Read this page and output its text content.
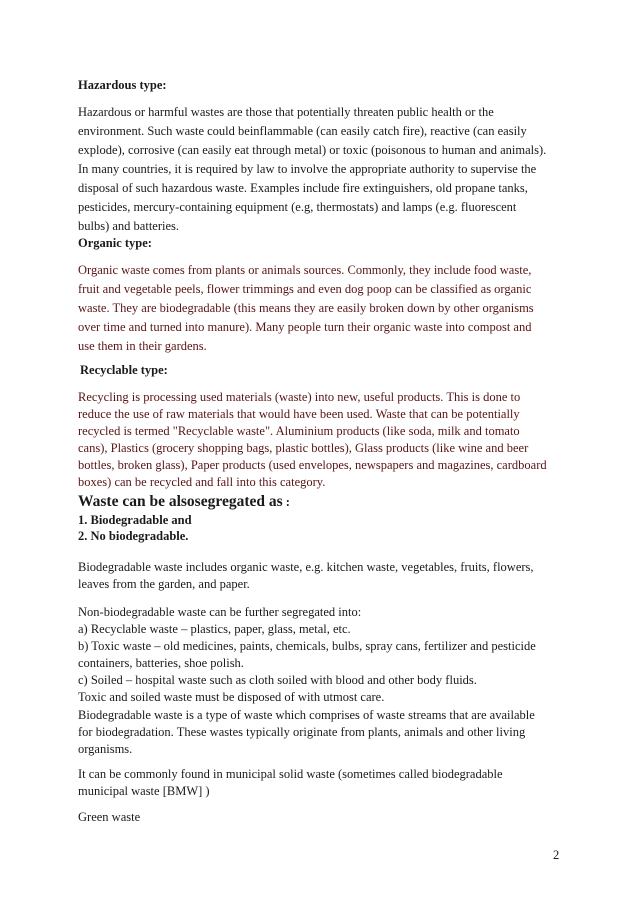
Hazardous type:
Hazardous or harmful wastes are those that potentially threaten public health or the
environment. Such waste could beinflammable (can easily catch fire), reactive (can easily
explode), corrosive (can easily eat through metal) or toxic (poisonous to human and animals).
In many countries, it is required by law to involve the appropriate authority to supervise the
disposal of such hazardous waste. Examples include fire extinguishers, old propane tanks,
pesticides, mercury-containing equipment (e.g, thermostats) and lamps (e.g. fluorescent
bulbs) and batteries.
Organic type:
Organic waste comes from plants or animals sources. Commonly, they include food waste,
fruit and vegetable peels, flower trimmings and even dog poop can be classified as organic
waste. They are biodegradable (this means they are easily broken down by other organisms
over time and turned into manure). Many people turn their organic waste into compost and
use them in their gardens.
Recyclable type:
Recycling is processing used materials (waste) into new, useful products. This is done to
reduce the use of raw materials that would have been used. Waste that can be potentially
recycled is termed "Recyclable waste". Aluminium products (like soda, milk and tomato
cans), Plastics (grocery shopping bags, plastic bottles), Glass products (like wine and beer
bottles, broken glass), Paper products (used envelopes, newspapers and magazines, cardboard
boxes) can be recycled and fall into this category.
Waste can be alsosegregated as :
1. Biodegradable and
2. No biodegradable.
Biodegradable waste includes organic waste, e.g. kitchen waste, vegetables, fruits, flowers,
leaves from the garden, and paper.
Non-biodegradable waste can be further segregated into:
a) Recyclable waste – plastics, paper, glass, metal, etc.
b) Toxic waste – old medicines, paints, chemicals, bulbs, spray cans, fertilizer and pesticide
containers, batteries, shoe polish.
c) Soiled – hospital waste such as cloth soiled with blood and other body fluids.
Toxic and soiled waste must be disposed of with utmost care.
Biodegradable waste is a type of waste which comprises of waste streams that are available
for biodegradation. These wastes typically originate from plants, animals and other living
organisms.
It can be commonly found in municipal solid waste (sometimes called biodegradable
municipal waste [BMW] )
Green waste
2
